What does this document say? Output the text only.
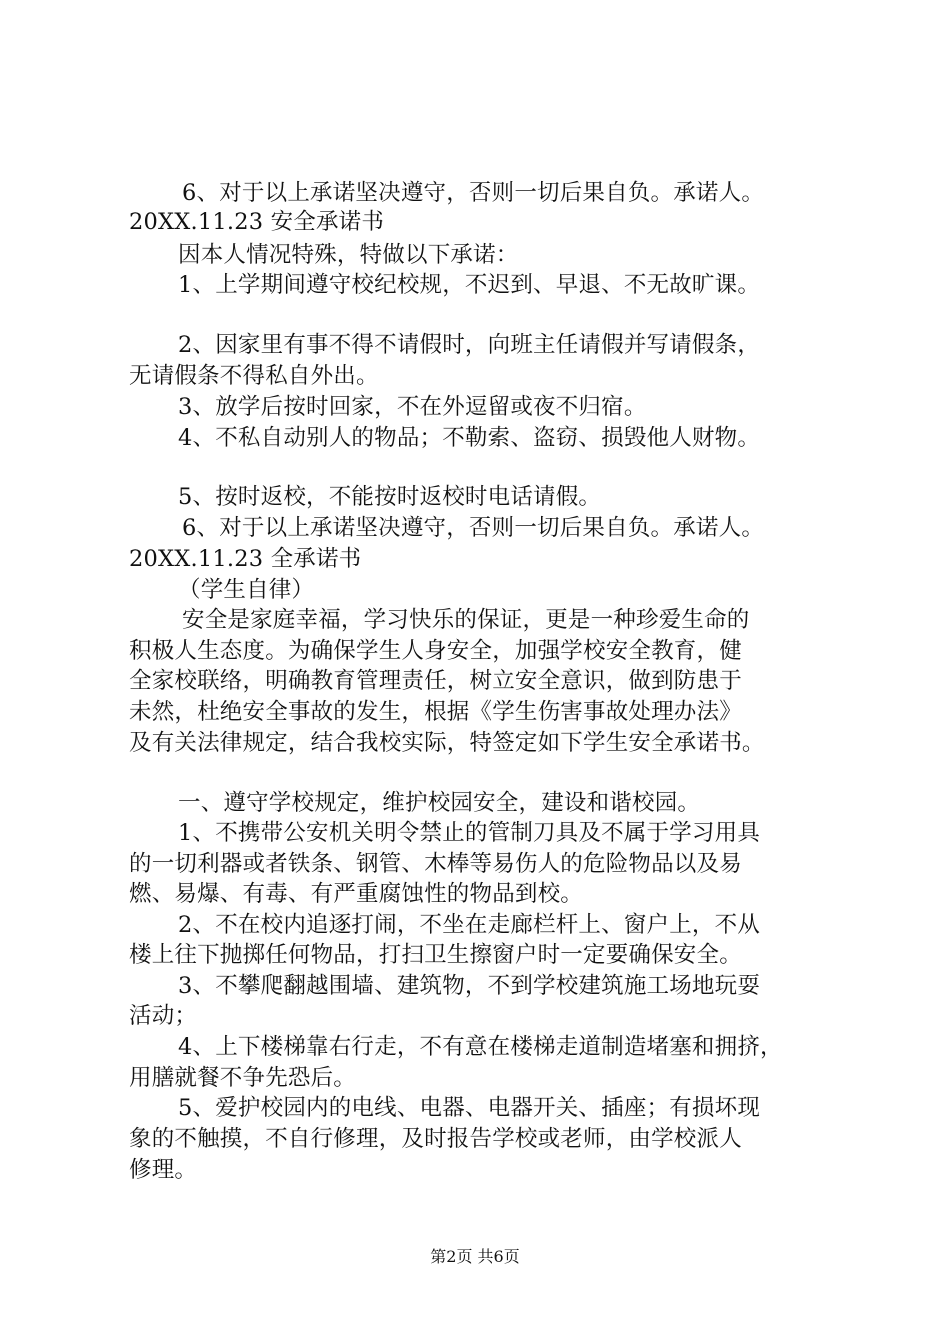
6、对于以上承诺坚决遵守，否则一切后果自负。承诺人。
20XX.11.23 安全承诺书
因本人情况特殊，特做以下承诺：
1、上学期间遵守校纪校规，不迟到、早退、不无故旷课。
2、因家里有事不得不请假时，向班主任请假并写请假条，
无请假条不得私自外出。
3、放学后按时回家，不在外逗留或夜不归宿。
4、不私自动别人的物品；不勒索、盗窃、损毁他人财物。
5、按时返校，不能按时返校时电话请假。
6、对于以上承诺坚决遵守，否则一切后果自负。承诺人。
20XX.11.23 全承诺书
（学生自律）
安全是家庭幸福，学习快乐的保证，更是一种珍爱生命的
积极人生态度。为确保学生人身安全，加强学校安全教育，健
全家校联络，明确教育管理责任，树立安全意识，做到防患于
未然，杜绝安全事故的发生，根据《学生伤害事故处理办法》
及有关法律规定，结合我校实际，特签定如下学生安全承诺书。
一、遵守学校规定，维护校园安全，建设和谐校园。
1、不携带公安机关明令禁止的管制刀具及不属于学习用具
的一切利器或者铁条、钢管、木棒等易伤人的危险物品以及易
燃、易爆、有毒、有严重腐蚀性的物品到校。
2、不在校内追逐打闹，不坐在走廊栏杆上、窗户上，不从
楼上往下抛掷任何物品，打扫卫生擦窗户时一定要确保安全。
3、不攀爬翻越围墙、建筑物，不到学校建筑施工场地玩耍
活动；
4、上下楼梯靠右行走，不有意在楼梯走道制造堵塞和拥挤，
用膳就餐不争先恐后。
5、爱护校园内的电线、电器、电器开关、插座；有损坏现
象的不触摸，不自行修理，及时报告学校或老师，由学校派人
修理。
第2页 共6页
